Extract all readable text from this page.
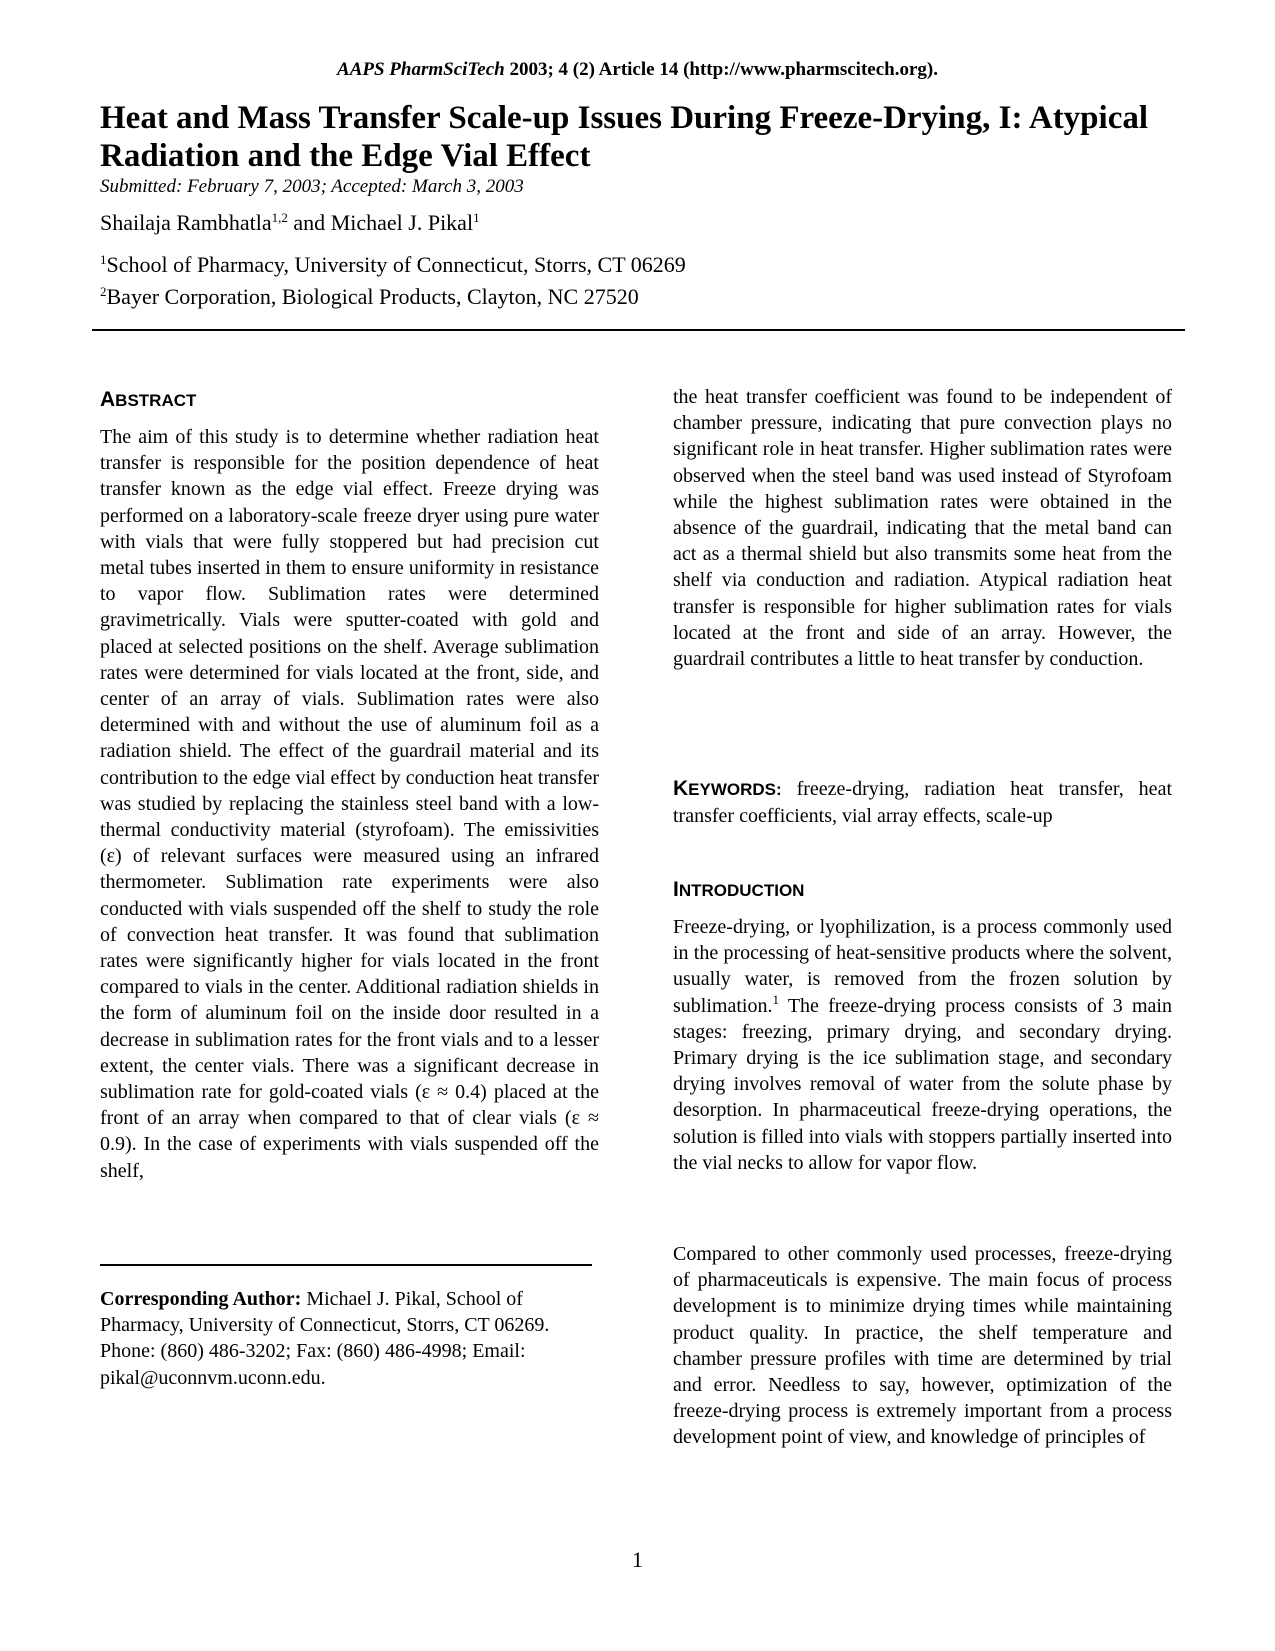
AAPS PharmSciTech 2003; 4 (2) Article 14 (http://www.pharmscitech.org).
Heat and Mass Transfer Scale-up Issues During Freeze-Drying, I: Atypical Radiation and the Edge Vial Effect
Submitted: February 7, 2003; Accepted: March 3, 2003
Shailaja Rambhatla$^{1,2}$ and Michael J. Pikal$^1$
$^1$School of Pharmacy, University of Connecticut, Storrs, CT 06269
$^2$Bayer Corporation, Biological Products, Clayton, NC 27520
ABSTRACT
The aim of this study is to determine whether radiation heat transfer is responsible for the position dependence of heat transfer known as the edge vial effect. Freeze drying was performed on a laboratory-scale freeze dryer using pure water with vials that were fully stoppered but had precision cut metal tubes inserted in them to ensure uniformity in resistance to vapor flow. Sublimation rates were determined gravimetrically. Vials were sputter-coated with gold and placed at selected positions on the shelf. Average sublimation rates were determined for vials located at the front, side, and center of an array of vials. Sublimation rates were also determined with and without the use of aluminum foil as a radiation shield. The effect of the guardrail material and its contribution to the edge vial effect by conduction heat transfer was studied by replacing the stainless steel band with a low-thermal conductivity material (styrofoam). The emissivities (ε) of relevant surfaces were measured using an infrared thermometer. Sublimation rate experiments were also conducted with vials suspended off the shelf to study the role of convection heat transfer. It was found that sublimation rates were significantly higher for vials located in the front compared to vials in the center. Additional radiation shields in the form of aluminum foil on the inside door resulted in a decrease in sublimation rates for the front vials and to a lesser extent, the center vials. There was a significant decrease in sublimation rate for gold-coated vials (ε ≈ 0.4) placed at the front of an array when compared to that of clear vials (ε ≈ 0.9). In the case of experiments with vials suspended off the shelf,
the heat transfer coefficient was found to be independent of chamber pressure, indicating that pure convection plays no significant role in heat transfer. Higher sublimation rates were observed when the steel band was used instead of Styrofoam while the highest sublimation rates were obtained in the absence of the guardrail, indicating that the metal band can act as a thermal shield but also transmits some heat from the shelf via conduction and radiation. Atypical radiation heat transfer is responsible for higher sublimation rates for vials located at the front and side of an array. However, the guardrail contributes a little to heat transfer by conduction.
KEYWORDS: freeze-drying, radiation heat transfer, heat transfer coefficients, vial array effects, scale-up
INTRODUCTION
Freeze-drying, or lyophilization, is a process commonly used in the processing of heat-sensitive products where the solvent, usually water, is removed from the frozen solution by sublimation.$^1$ The freeze-drying process consists of 3 main stages: freezing, primary drying, and secondary drying. Primary drying is the ice sublimation stage, and secondary drying involves removal of water from the solute phase by desorption. In pharmaceutical freeze-drying operations, the solution is filled into vials with stoppers partially inserted into the vial necks to allow for vapor flow.
Compared to other commonly used processes, freeze-drying of pharmaceuticals is expensive. The main focus of process development is to minimize drying times while maintaining product quality. In practice, the shelf temperature and chamber pressure profiles with time are determined by trial and error. Needless to say, however, optimization of the freeze-drying process is extremely important from a process development point of view, and knowledge of principles of
Corresponding Author: Michael J. Pikal, School of Pharmacy, University of Connecticut, Storrs, CT 06269. Phone: (860) 486-3202; Fax: (860) 486-4998; Email: pikal@uconnvm.uconn.edu.
1
